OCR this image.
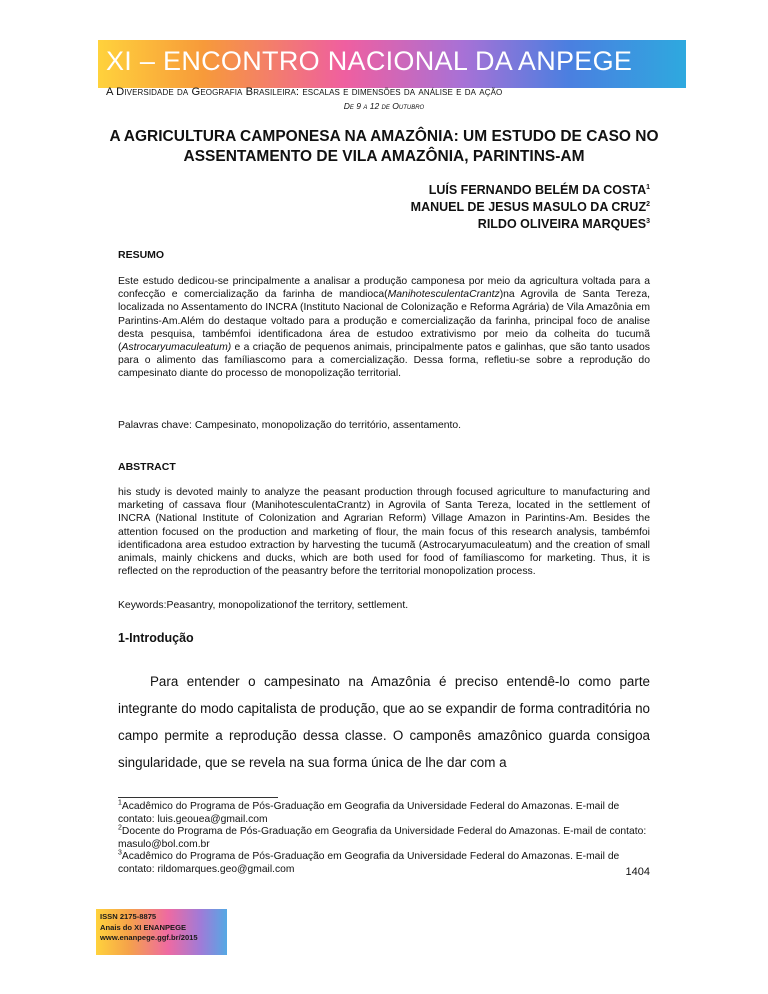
XI – ENCONTRO NACIONAL DA ANPEGE
A Diversidade da Geografia Brasileira: escalas e dimensões da análise e da ação
De 9 a 12 de Outubro
A AGRICULTURA CAMPONESA NA AMAZÔNIA: UM ESTUDO DE CASO NO ASSENTAMENTO DE VILA AMAZÔNIA, PARINTINS-AM
LUÍS FERNANDO BELÉM DA COSTA$^1$
MANUEL DE JESUS MASULO DA CRUZ$^2$
RILDO OLIVEIRA MARQUES$^3$
RESUMO

Este estudo dedicou-se principalmente a analisar a produção camponesa por meio da agricultura voltada para a confecção e comercialização da farinha de mandioca(ManihotesculentaCrantz)na Agrovila de Santa Tereza, localizada no Assentamento do INCRA (Instituto Nacional de Colonização e Reforma Agrária) de Vila Amazônia em Parintins-Am.Além do destaque voltado para a produção e comercialização da farinha, principal foco de analise desta pesquisa, tambémfoi identificadona área de estudoo extrativismo por meio da colheita do tucumã (Astrocaryumaculeatum) e a criação de pequenos animais, principalmente patos e galinhas, que são tanto usados para o alimento das famíliascomo para a comercialização. Dessa forma, refletiu-se sobre a reprodução do campesinato diante do processo de monopolização territorial.

Palavras chave: Campesinato, monopolização do território, assentamento.

ABSTRACT

his study is devoted mainly to analyze the peasant production through focused agriculture to manufacturing and marketing of cassava flour (ManihotesculentaCrantz) in Agrovila of Santa Tereza, located in the settlement of INCRA (National Institute of Colonization and Agrarian Reform) Village Amazon in Parintins-Am. Besides the attention focused on the production and marketing of flour, the main focus of this research analysis, tambémfoi identificadona area estudoo extraction by harvesting the tucumã (Astrocaryumaculeatum) and the creation of small animals, mainly chickens and ducks, which are both used for food of famíliascomo for marketing. Thus, it is reflected on the reproduction of the peasantry before the territorial monopolization process.

Keywords:Peasantry, monopolizationof the territory, settlement.

1-Introdução

Para entender o campesinato na Amazônia é preciso entendê-lo como parte integrante do modo capitalista de produção, que ao se expandir de forma contraditória no campo permite a reprodução dessa classe. O camponês amazônico guarda consigoa singularidade, que se revela na sua forma única de lhe dar com a

$^1$Acadêmico do Programa de Pós-Graduação em Geografia da Universidade Federal do Amazonas. E-mail de contato: luis.geouea@gmail.com
$^2$Docente do Programa de Pós-Graduação em Geografia da Universidade Federal do Amazonas. E-mail de contato: masulo@bol.com.br
$^3$Acadêmico do Programa de Pós-Graduação em Geografia da Universidade Federal do Amazonas. E-mail de contato: rildomarques.geo@gmail.com	1404
ISSN 2175-8875
Anais do XI ENANPEGE
www.enanpege.ggf.br/2015
